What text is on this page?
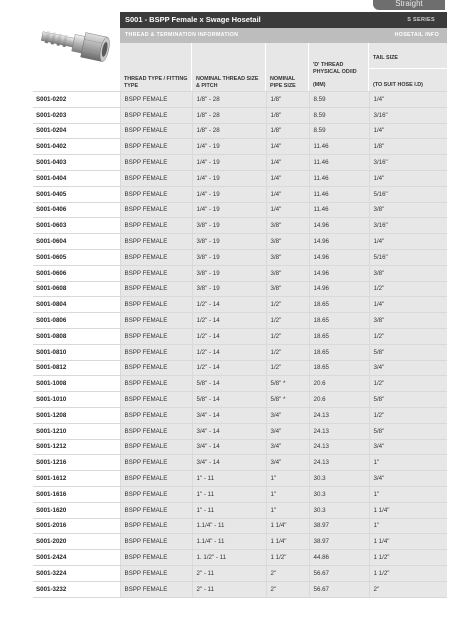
Straight
S001 - BSPP Female x Swage Hosetail	S SERIES
THREAD & TERMINATION INFORMATION	HOSETAIL INFO
THREAD TYPE / FITTING TYPE
NOMINAL THREAD SIZE & PITCH
NOMINAL PIPE SIZE
'D' THREAD PHYSICAL OD/ID
(MM)
TAIL SIZE
(TO SUIT HOSE I.D)
S001-0202	BSPP FEMALE	1/8" - 28	1/8"	8.59	1/4"
S001-0203	BSPP FEMALE	1/8" - 28	1/8"	8.59	3/16"
S001-0204	BSPP FEMALE	1/8" - 28	1/8"	8.59	1/4"
S001-0402	BSPP FEMALE	1/4" - 19	1/4"	11.46	1/8"
S001-0403	BSPP FEMALE	1/4" - 19	1/4"	11.46	3/16"
S001-0404	BSPP FEMALE	1/4" - 19	1/4"	11.46	1/4"
S001-0405	BSPP FEMALE	1/4" - 19	1/4"	11.46	5/16"
S001-0406	BSPP FEMALE	1/4" - 19	1/4"	11.46	3/8"
S001-0603	BSPP FEMALE	3/8" - 19	3/8"	14.96	3/16"
S001-0604	BSPP FEMALE	3/8" - 19	3/8"	14.96	1/4"
S001-0605	BSPP FEMALE	3/8" - 19	3/8"	14.96	5/16"
S001-0606	BSPP FEMALE	3/8" - 19	3/8"	14.96	3/8"
S001-0608	BSPP FEMALE	3/8" - 19	3/8"	14.96	1/2"
S001-0804	BSPP FEMALE	1/2" - 14	1/2"	18.65	1/4"
S001-0806	BSPP FEMALE	1/2" - 14	1/2"	18.65	3/8"
S001-0808	BSPP FEMALE	1/2" - 14	1/2"	18.65	1/2"
S001-0810	BSPP FEMALE	1/2" - 14	1/2"	18.65	5/8"
S001-0812	BSPP FEMALE	1/2" - 14	1/2"	18.65	3/4"
S001-1008	BSPP FEMALE	5/8" - 14	5/8" *	20.6	1/2"
S001-1010	BSPP FEMALE	5/8" - 14	5/8" *	20.6	5/8"
S001-1208	BSPP FEMALE	3/4" - 14	3/4"	24.13	1/2"
S001-1210	BSPP FEMALE	3/4" - 14	3/4"	24.13	5/8"
S001-1212	BSPP FEMALE	3/4" - 14	3/4"	24.13	3/4"
S001-1216	BSPP FEMALE	3/4" - 14	3/4"	24.13	1"
S001-1612	BSPP FEMALE	1" - 11	1"	30.3	3/4"
S001-1616	BSPP FEMALE	1" - 11	1"	30.3	1"
S001-1620	BSPP FEMALE	1" - 11	1"	30.3	1 1/4"
S001-2016	BSPP FEMALE	1.1/4" - 11	1 1/4"	38.97	1"
S001-2020	BSPP FEMALE	1.1/4" - 11	1 1/4"	38.97	1 1/4"
S001-2424	BSPP FEMALE	1. 1/2" - 11	1 1/2"	44.86	1 1/2"
S001-3224	BSPP FEMALE	2" - 11	2"	56.67	1 1/2"
S001-3232	BSPP FEMALE	2" - 11	2"	56.67	2"
